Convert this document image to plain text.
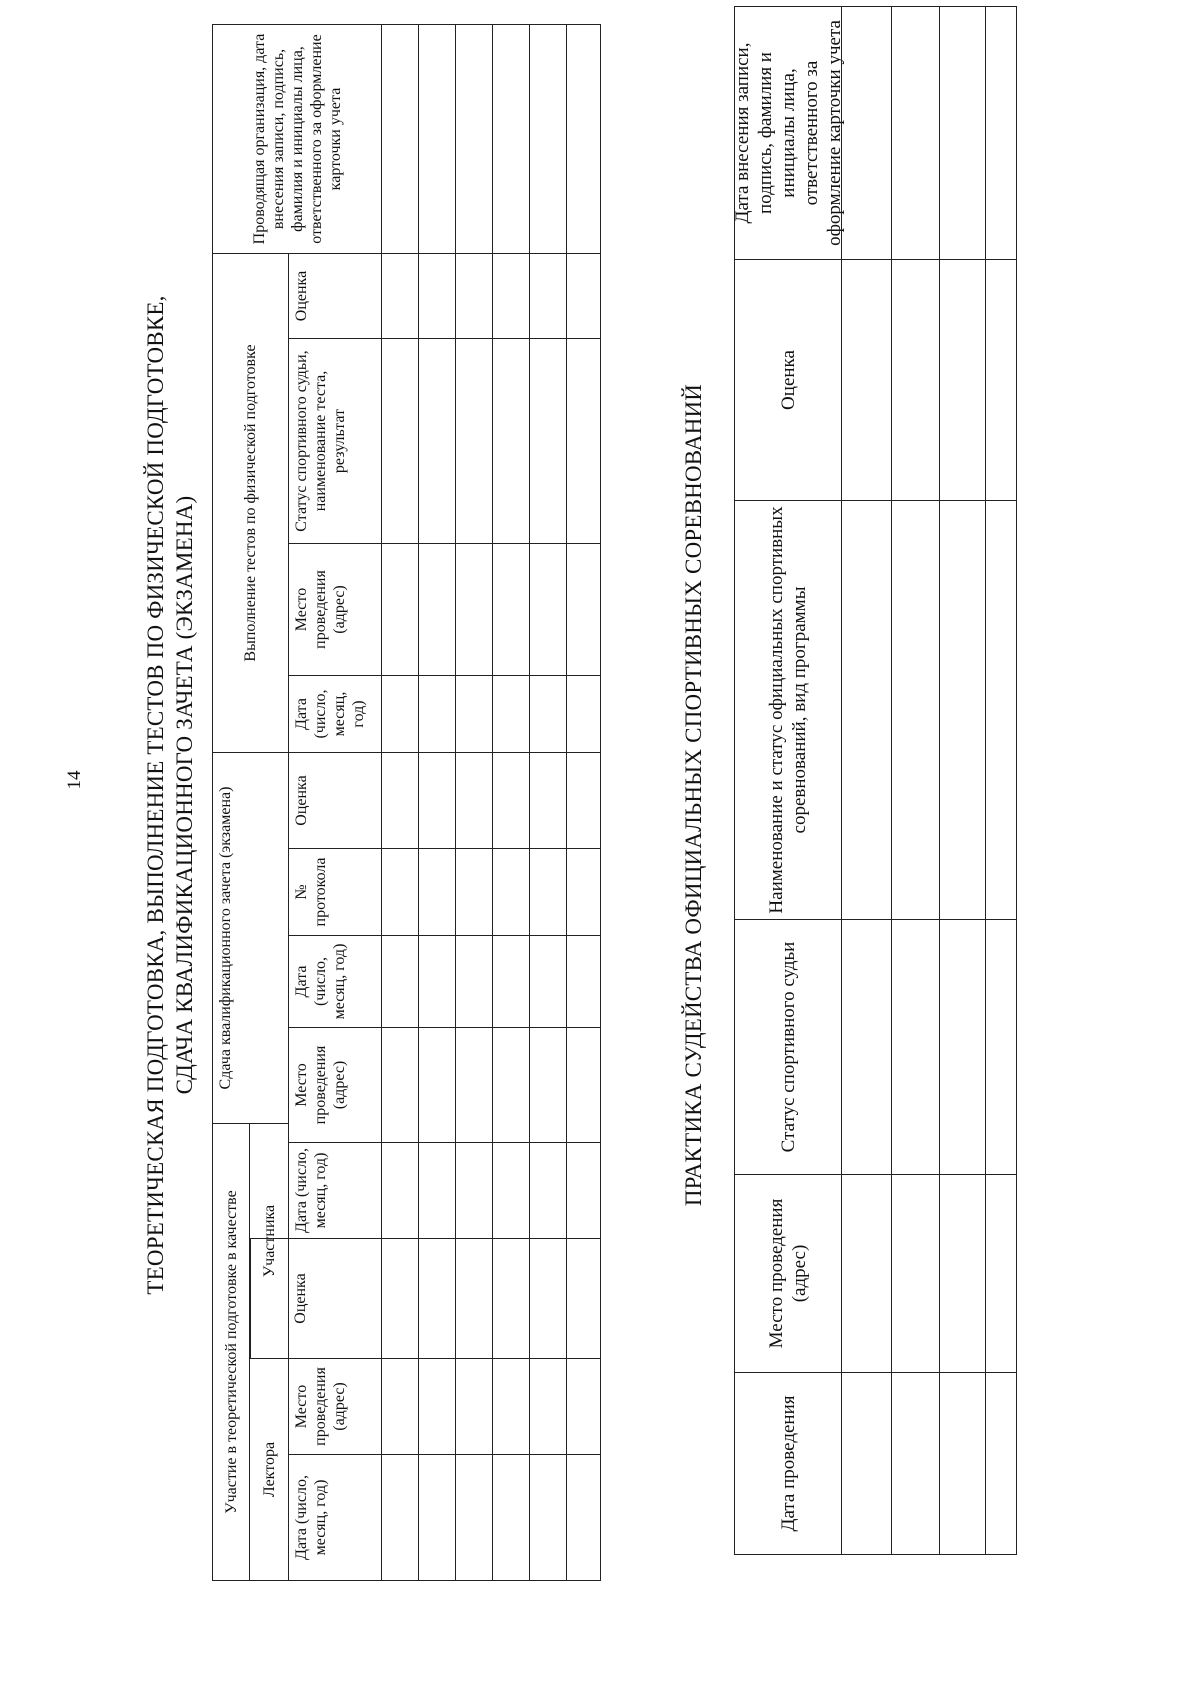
14	ТЕОРЕТИЧЕСКАЯ ПОДГОТОВКА, ВЫПОЛНЕНИЕ ТЕСТОВ ПО ФИЗИЧЕСКОЙ ПОДГОТОВКЕ, СДАЧА КВАЛИФИКАЦИОННОГО ЗАЧЕТА (ЭКЗАМЕНА)
Участие в теоретической подготовке в качестве
Сдача квалификационного зачета (экзамена)
Выполнение тестов по физической подготовке
Проводящая организация, дата внесения записи, подпись, фамилия и инициалы лица, ответственного за оформление карточки учета
Лектора
Участника
Дата (число, месяц, год)
Место проведения (адрес)
Оценка
Дата (число, месяц, год)
Место проведения (адрес)
Дата (число, месяц, год)
№ протокола
Оценка
Дата (число, месяц, год)
Место проведения (адрес)
Статус спортивного судьи, наименование теста, результат
Оценка
ПРАКТИКА СУДЕЙСТВА ОФИЦИАЛЬНЫХ СПОРТИВНЫХ СОРЕВНОВАНИЙ
Дата проведения
Место проведения (адрес)
Статус спортивного судьи
Наименование и статус официальных спортивных соревнований, вид программы
Оценка
Дата внесения записи, подпись, фамилия и инициалы лица, ответственного за оформление карточки учета
